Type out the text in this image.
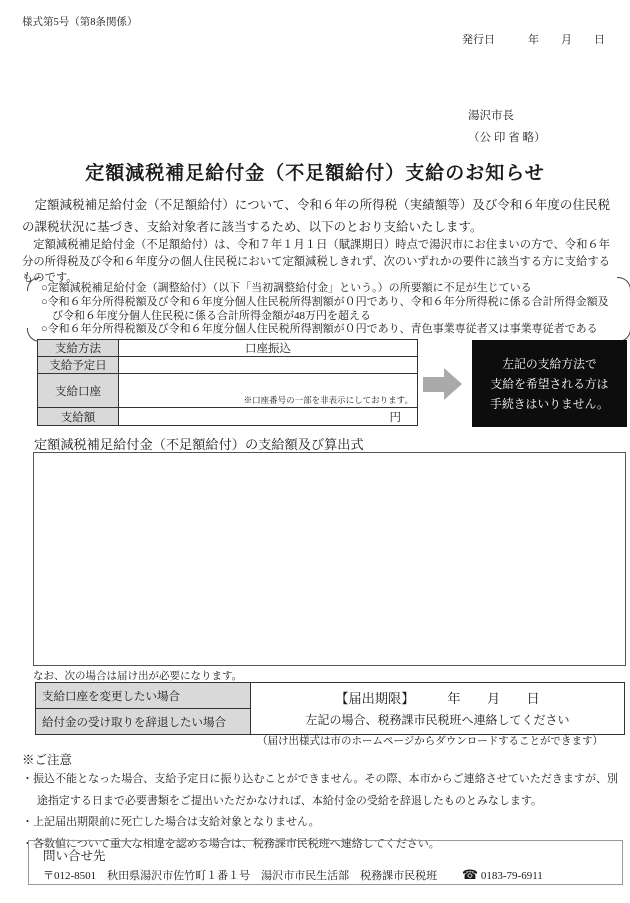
様式第5号（第8条関係）
発行日　　　年　　月　　日
湯沢市長
（公 印 省 略）
定額減税補足給付金（不足額給付）支給のお知らせ
定額減税補足給付金（不足額給付）について、令和６年の所得税（実績額等）及び令和６年度の住民税の課税状況に基づき、支給対象者に該当するため、以下のとおり支給いたします。
定額減税補足給付金（不足額給付）は、令和７年１月１日（賦課期日）時点で湯沢市にお住まいの方で、令和６年分の所得税及び令和６年度分の個人住民税において定額減税しきれず、次のいずれかの要件に該当する方に支給するものです。
○定額減税補足給付金（調整給付）（以下「当初調整給付金」という。）の所要額に不足が生じている
○令和６年分所得税額及び令和６年度分個人住民税所得割額が０円であり、令和６年分所得税に係る合計所得金額及び令和６年度分個人住民税に係る合計所得金額が48万円を超える
○令和６年分所得税額及び令和６年度分個人住民税所得割額が０円であり、青色事業専従者又は事業専従者である
支給方法	口座振込
支給予定日	
支給口座	※口座番号の一部を非表示にしております。

支給額	円
左記の支給方法で
支給を希望される方は
手続きはいりません。
定額減税補足給付金（不足額給付）の支給額及び算出式
なお、次の場合は届け出が必要になります。
支給口座を変更したい場合	【届出期限】　　　年　　月　　日
左記の場合、税務課市民税班へ連絡してください

給付金の受け取りを辞退したい場合
（届け出様式は市のホームページからダウンロードすることができます）
※ご注意
・振込不能となった場合、支給予定日に振り込むことができません。その際、本市からご連絡させていただきますが、別途指定する日まで必要書類をご提出いただかなければ、本給付金の受給を辞退したものとみなします。
・上記届出期限前に死亡した場合は支給対象となりません。
・各数値について重大な相違を認める場合は、税務課市民税班へ連絡してください。
問い合せ先
〒012-8501　秋田県湯沢市佐竹町１番１号　湯沢市市民生活部　税務課市民税班 ☎ 0183-79-6911
